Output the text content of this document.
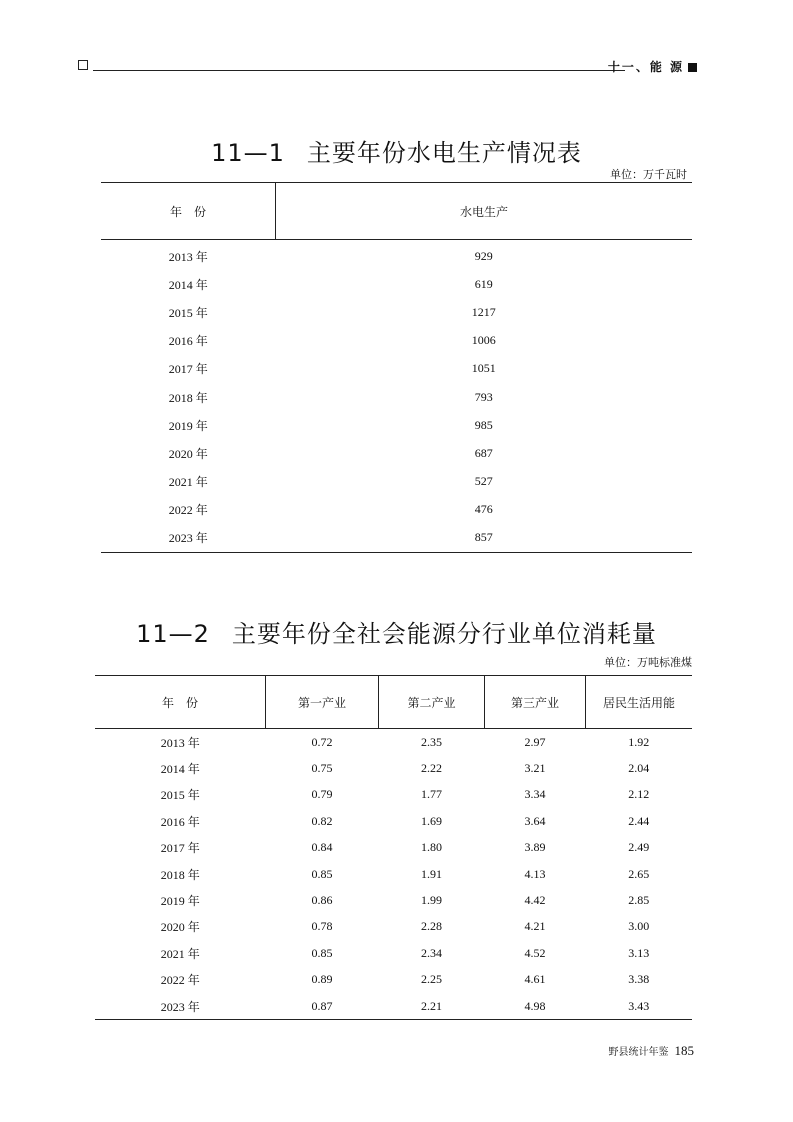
十一、能 源
11—1 主要年份水电生产情况表
单位：万千瓦时
年　份	水电生产
2013 年	929
2014 年	619
2015 年	1217
2016 年	1006
2017 年	1051
2018 年	793
2019 年	985
2020 年	687
2021 年	527
2022 年	476
2023 年	857
11—2 主要年份全社会能源分行业单位消耗量
单位：万吨标准煤
年　份	第一产业	第二产业	第三产业	居民生活用能
2013 年	0.72	2.35	2.97	1.92
2014 年	0.75	2.22	3.21	2.04
2015 年	0.79	1.77	3.34	2.12
2016 年	0.82	1.69	3.64	2.44
2017 年	0.84	1.80	3.89	2.49
2018 年	0.85	1.91	4.13	2.65
2019 年	0.86	1.99	4.42	2.85
2020 年	0.78	2.28	4.21	3.00
2021 年	0.85	2.34	4.52	3.13
2022 年	0.89	2.25	4.61	3.38
2023 年	0.87	2.21	4.98	3.43
野县统计年鉴 185
